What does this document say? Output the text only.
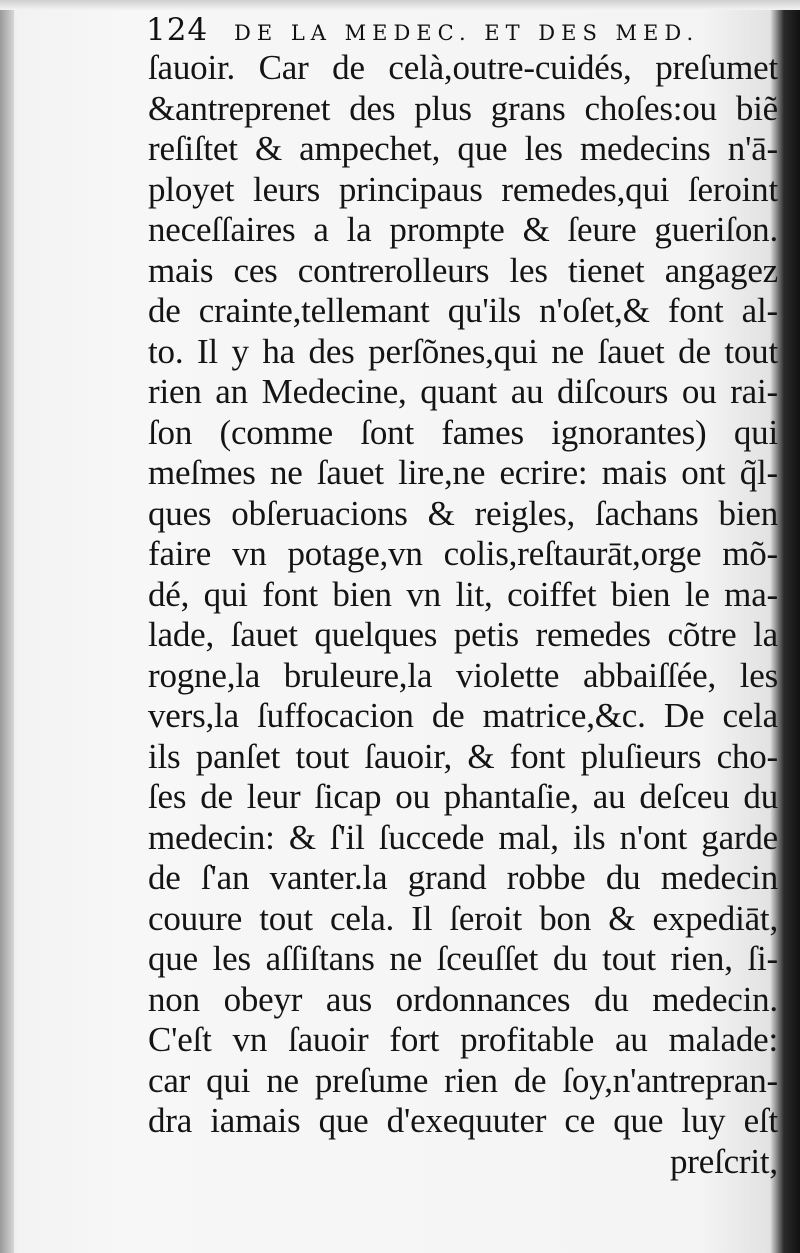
124	DE LA MEDEC. ET DES MED.
ſauoir. Car de celà,outre-cuidés, preſumet
&antreprenet des plus grans choſes:ou biẽ
reſiſtet & ampechet, que les medecins n'ā-
ployet leurs principaus remedes,qui ſeroint
neceſſaires a la prompte & ſeure gueriſon.
mais ces contrerolleurs les tienet angagez
de crainte,tellemant qu'ils n'oſet,& font al-
to. Il y ha des perſõnes,qui ne ſauet de tout
rien an Medecine, quant au diſcours ou rai-
ſon (comme ſont fames ignorantes) qui
meſmes ne ſauet lire,ne ecrire: mais ont q̃l-
ques obſeruacions & reigles, ſachans bien
faire vn potage,vn colis,reſtaurāt,orge mõ-
dé, qui font bien vn lit, coiffet bien le ma-
lade, ſauet quelques petis remedes cõtre la
rogne,la bruleure,la violette abbaiſſée, les
vers,la ſuffocacion de matrice,&c. De cela
ils panſet tout ſauoir, & font pluſieurs cho-
ſes de leur ſicap ou phantaſie, au deſceu du
medecin: & ſ'il ſuccede mal, ils n'ont garde
de ſ'an vanter.la grand robbe du medecin
couure tout cela. Il ſeroit bon & expediāt,
que les aſſiſtans ne ſceuſſet du tout rien, ſi-
non obeyr aus ordonnances du medecin.
C'eſt vn ſauoir fort profitable au malade:
car qui ne preſume rien de ſoy,n'antrepran-
dra iamais que d'exequuter ce que luy eſt
preſcrit,
